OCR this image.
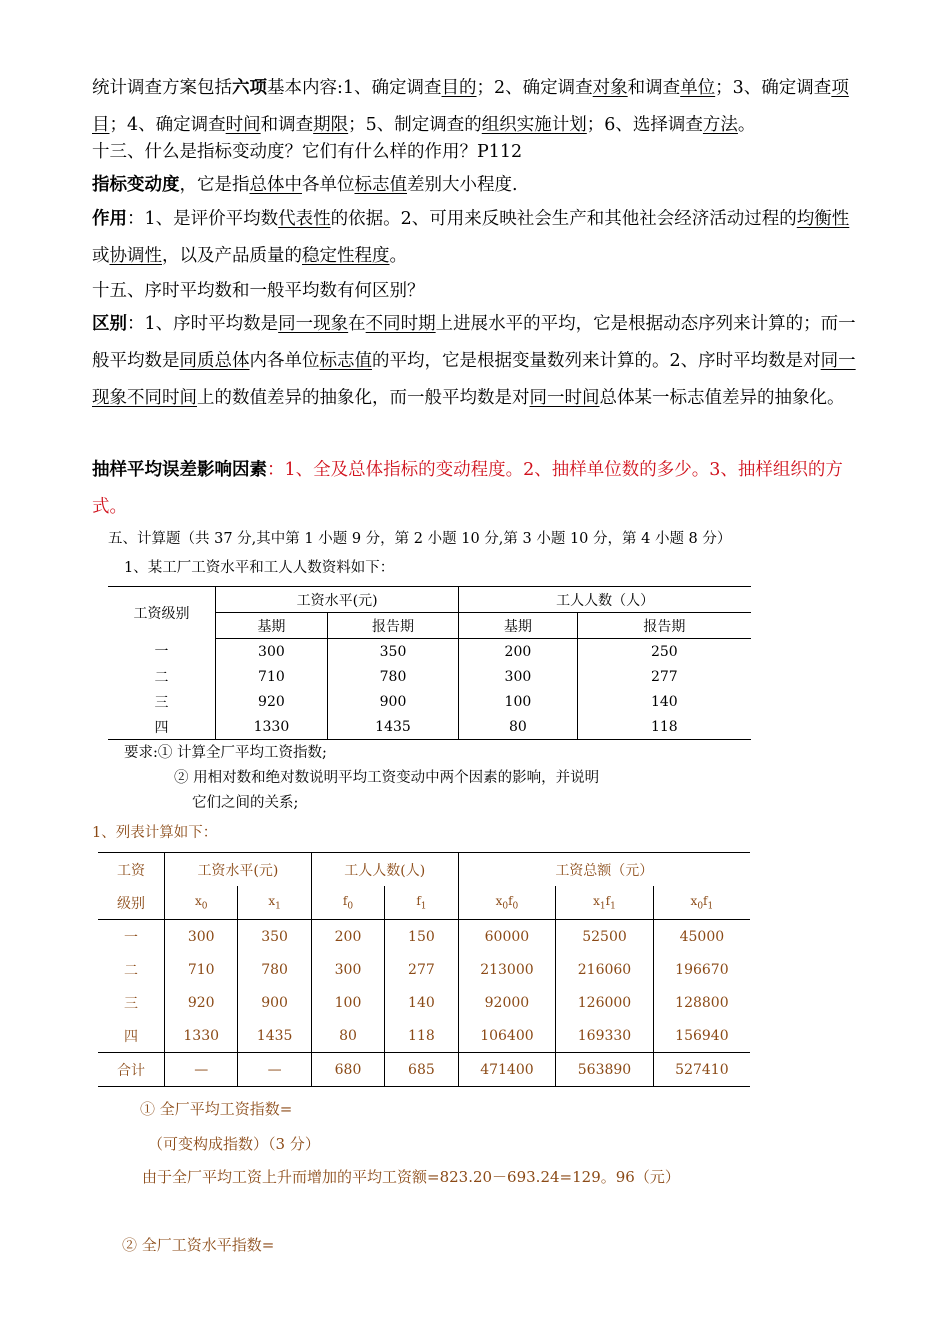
统计调查方案包括六项基本内容:1、确定调查目的；2、确定调查对象和调查单位；3、确定调查项目；4、确定调查时间和调查期限；5、制定调查的组织实施计划；6、选择调查方法。

十三、什么是指标变动度？它们有什么样的作用？P112

指标变动度，它是指总体中各单位标志值差别大小程度.

作用：1、是评价平均数代表性的依据。2、可用来反映社会生产和其他社会经济活动过程的均衡性或协调性，以及产品质量的稳定性程度。

十五、序时平均数和一般平均数有何区别？

区别：1、序时平均数是同一现象在不同时期上进展水平的平均，它是根据动态序列来计算的；而一般平均数是同质总体内各单位标志值的平均，它是根据变量数列来计算的。2、序时平均数是对同一现象不同时间上的数值差异的抽象化，而一般平均数是对同一时间总体某一标志值差异的抽象化。

抽样平均误差影响因素：1、全及总体指标的变动程度。2、抽样单位数的多少。3、抽样组织的方式。

五、计算题（共 37 分,其中第 1 小题 9 分，第 2 小题 10 分,第 3 小题 10 分，第 4 小题 8 分）

1、某工厂工资水平和工人人数资料如下：

工资级别	工资水平(元)		工人人数（人）	
	基期	报告期	基期	报告期
一	300	350	200	250
二	710	780	300	277
三	920	900	100	140
四	1330	1435	80	118

要求:① 计算全厂平均工资指数;

② 用相对数和绝对数说明平均工资变动中两个因素的影响，并说明

它们之间的关系;

1、列表计算如下：

工资	工资水平(元)		工人人数(人)		工资总额（元）		
级别	$x_0$	$x_1$	$f_0$	$f_1$	$x_0f_0$	$x_1f_1$	$x_0f_1$
一	300	350	200	150	60000	52500	45000
二	710	780	300	277	213000	216060	196670
三	920	900	100	140	92000	126000	128800
四	1330	1435	80	118	106400	169330	156940
合计	—	—	680	685	471400	563890	527410

① 全厂平均工资指数=

（可变构成指数）（3 分）

由于全厂平均工资上升而增加的平均工资额=823.20－693.24=129。96（元）

② 全厂工资水平指数=
